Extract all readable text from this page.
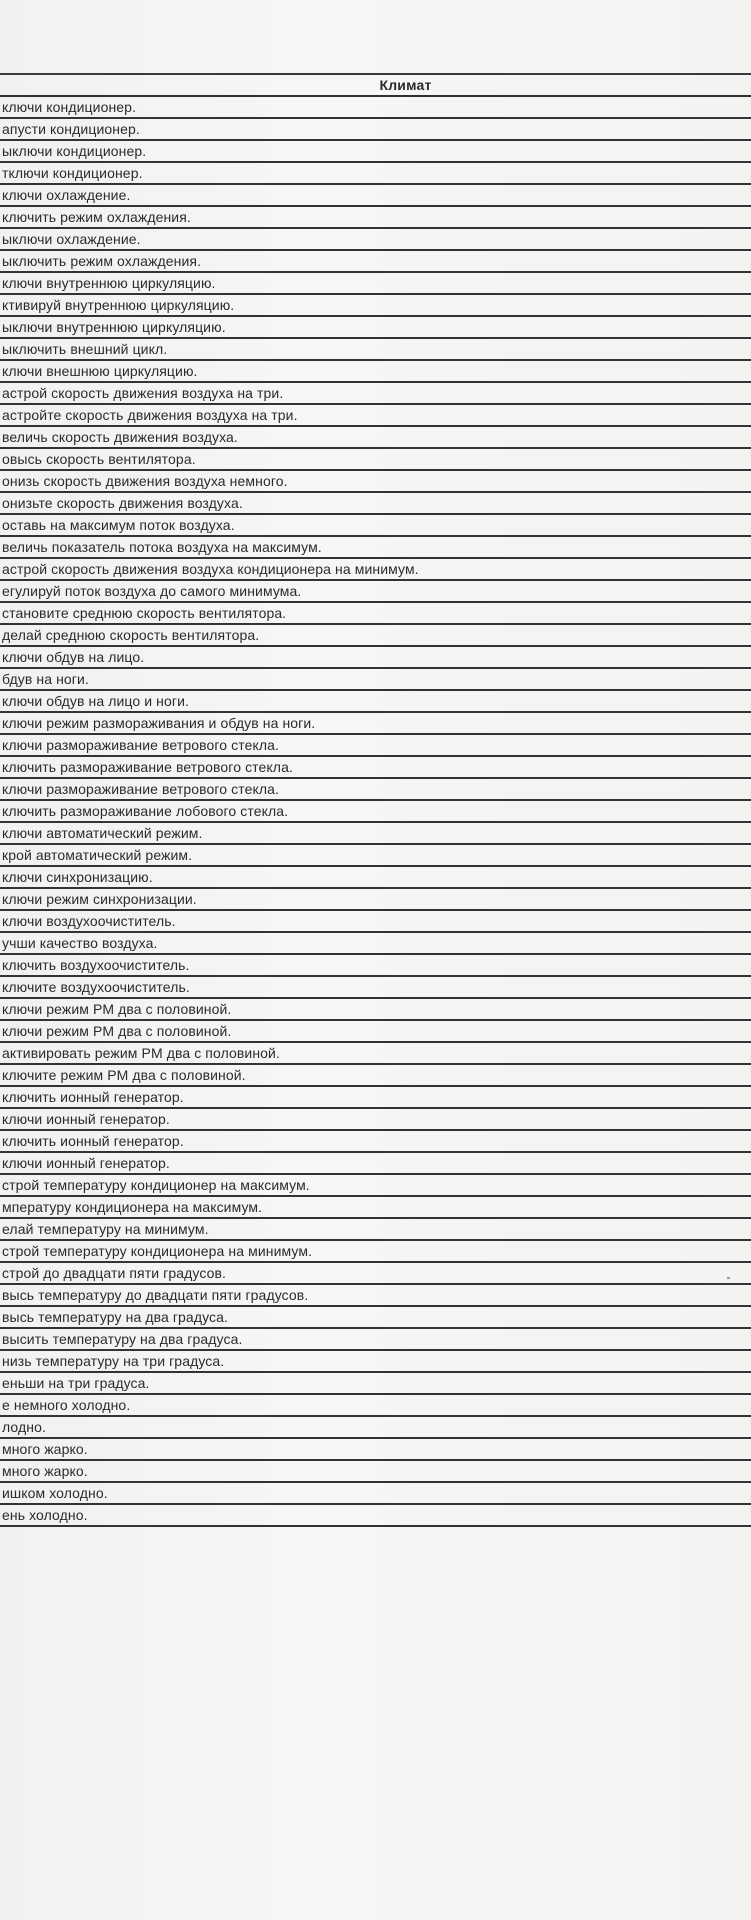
Климат
ключи кондиционер.
апусти кондиционер.
ыключи кондиционер.
тключи кондиционер.
ключи охлаждение.
ключить режим охлаждения.
ыключи охлаждение.
ыключить режим охлаждения.
ключи внутреннюю циркуляцию.
ктивируй внутреннюю циркуляцию.
ыключи внутреннюю циркуляцию.
ыключить внешний цикл.
ключи внешнюю циркуляцию.
астрой скорость движения воздуха на три.
астройте скорость движения воздуха на три.
величь скорость движения воздуха.
овысь скорость вентилятора.
онизь скорость движения воздуха немного.
онизьте скорость движения воздуха.
оставь на максимум поток воздуха.
величь показатель потока воздуха на максимум.
астрой скорость движения воздуха кондиционера на минимум.
егулируй поток воздуха до самого минимума.
становите среднюю скорость вентилятора.
делай среднюю скорость вентилятора.
ключи обдув на лицо.
бдув на ноги.
ключи обдув на лицо и ноги.
ключи режим размораживания и обдув на ноги.
ключи размораживание ветрового стекла.
ключить размораживание ветрового стекла.
ключи размораживание ветрового стекла.
ключить размораживание лобового стекла.
ключи автоматический режим.
крой автоматический режим.
ключи синхронизацию.
ключи режим синхронизации.
ключи воздухоочиститель.
учши качество воздуха.
ключить воздухоочиститель.
ключите воздухоочиститель.
ключи режим PM два с половиной.
ключи режим PM два с половиной.
активировать режим PM два с половиной.
ключите режим PM два с половиной.
ключить ионный генератор.
ключи ионный генератор.
ключить ионный генератор.
ключи ионный генератор.
строй температуру кондиционер на максимум.
мпературу кондиционера на максимум.
елай температуру на минимум.
строй температуру кондиционера на минимум.
строй до двадцати пяти градусов.
высь температуру до двадцати пяти градусов.
высь температуру на два градуса.
высить температуру на два градуса.
низь температуру на три градуса.
еньши на три градуса.
е немного холодно.
лодно.
много жарко.
много жарко.
ишком холодно.
ень холодно.
